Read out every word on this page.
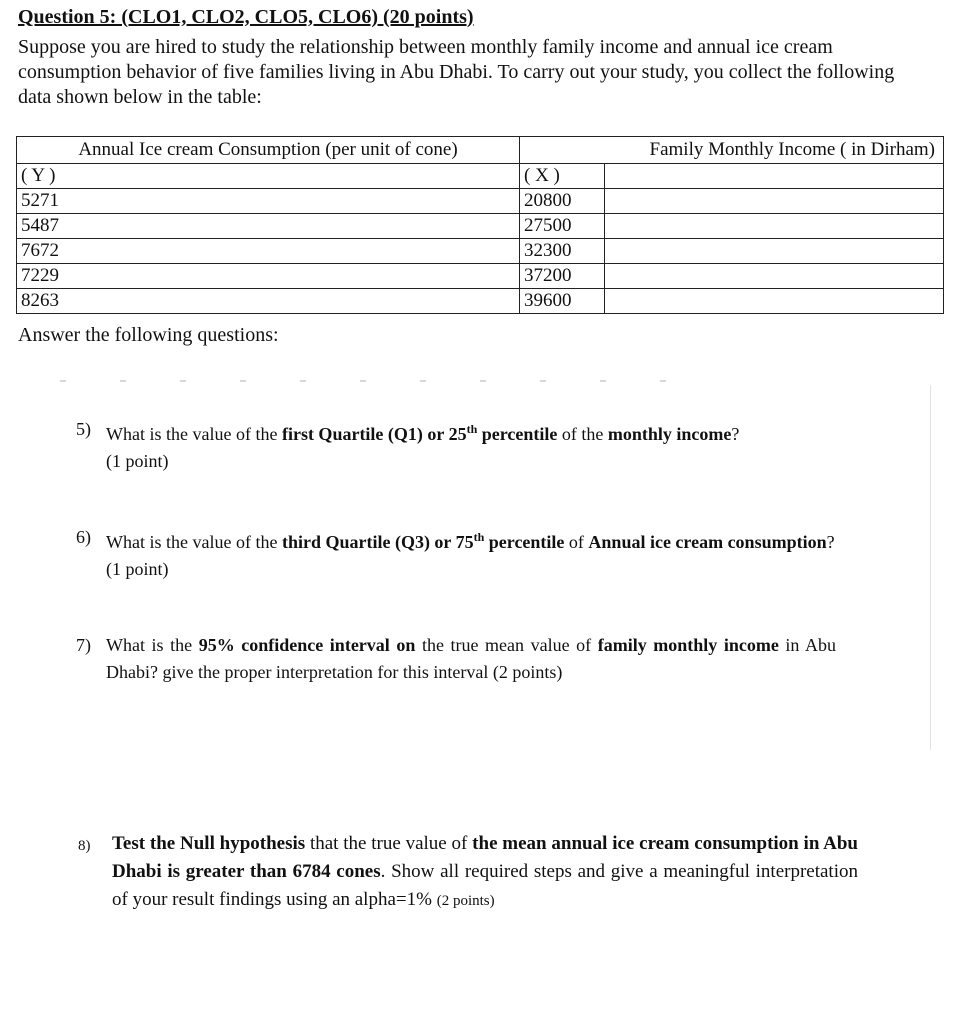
Question 5: (CLO1, CLO2, CLO5, CLO6) (20 points)

Suppose you are hired to study the relationship between monthly family income and annual ice cream consumption behavior of five families living in Abu Dhabi. To carry out your study, you collect the following data shown below in the table:

Annual Ice cream Consumption (per unit of cone)	Family Monthly Income ( in Dirham)	
( Y )	( X )	
5271	20800	
5487	27500	
7672	32300	
7229	37200	
8263	39600	

Answer the following questions:

5) What is the value of the first Quartile (Q1) or 25th percentile of the monthly income?
(1 point)
6) What is the value of the third Quartile (Q3) or 75th percentile of Annual ice cream consumption? (1 point)
7) What is the 95% confidence interval on the true mean value of family monthly income in Abu Dhabi? give the proper interpretation for this interval (2 points)
8)	Test the Null hypothesis that the true value of the mean annual ice cream consumption in Abu Dhabi is greater than 6784 cones. Show all required steps and give a meaningful interpretation of your result findings using an alpha=1% (2 points)
